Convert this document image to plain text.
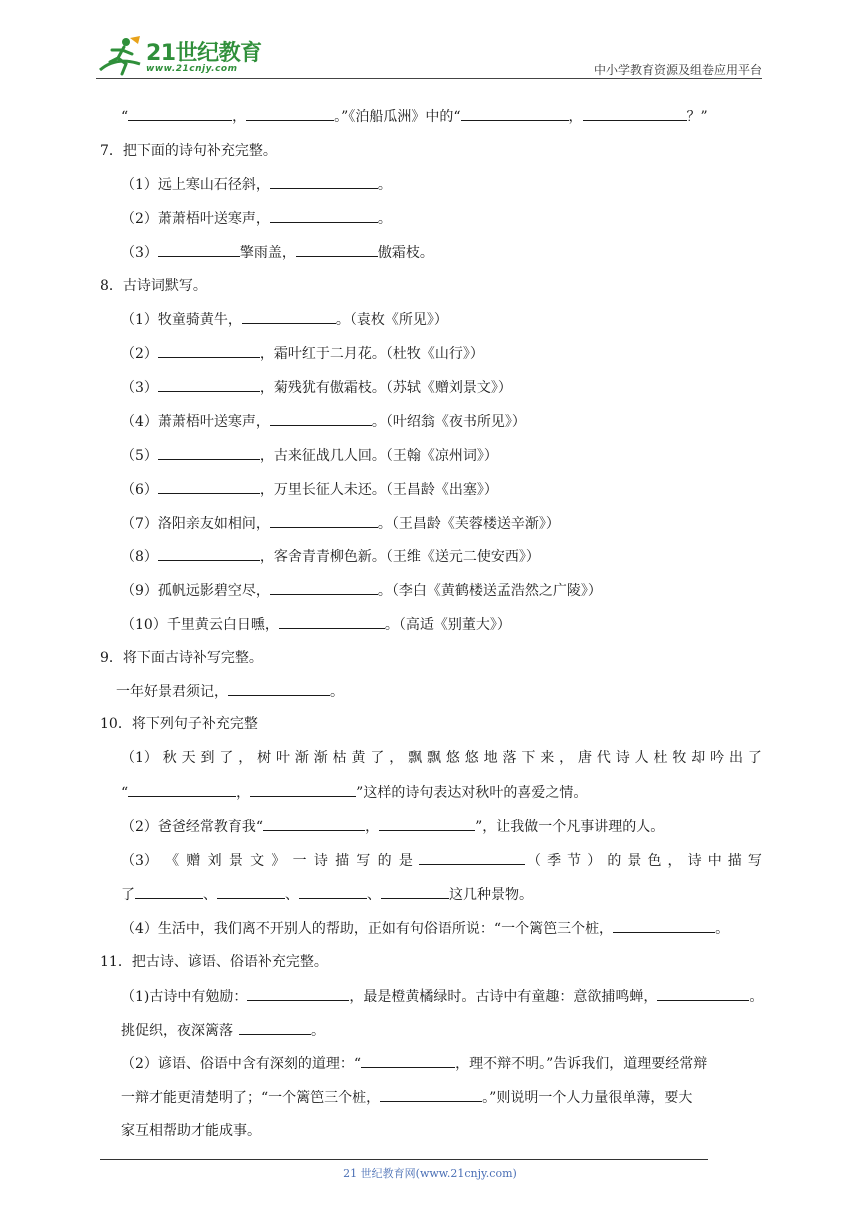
21世纪教育
www.21cnjy.com	中小学教育资源及组卷应用平台
“	，	。”《泊船瓜洲》中的“	，	？”
7．把下面的诗句补充完整。
（1）远上寒山石径斜，	。
（2）萧萧梧叶送寒声，	。
（3）	擎雨盖，	傲霜枝。
8．古诗词默写。
（1）牧童骑黄牛，	。（袁枚《所见》）
（2）	，霜叶红于二月花。（杜牧《山行》）
（3）	，菊残犹有傲霜枝。（苏轼《赠刘景文》）
（4）萧萧梧叶送寒声，	。（叶绍翁《夜书所见》）
（5）	，古来征战几人回。（王翰《凉州词》）
（6）	，万里长征人未还。（王昌龄《出塞》）
（7）洛阳亲友如相问，	。（王昌龄《芙蓉楼送辛渐》）
（8）	，客舍青青柳色新。（王维《送元二使安西》）
（9）孤帆远影碧空尽，	。（李白《黄鹤楼送孟浩然之广陵》）
（10）千里黄云白日曛，	。（高适《别董大》）
9．将下面古诗补写完整。
一年好景君须记，	。
10．将下列句子补充完整
（1） 秋 天 到 了 ， 树 叶 渐 渐 枯 黄 了 ， 飘 飘 悠 悠 地 落 下 来 ， 唐 代 诗 人 杜 牧 却 吟 出 了
“	，	”这样的诗句表达对秋叶的喜爱之情。
（2）爸爸经常教育我“	，	”，让我做一个凡事讲理的人。
（3） 《 赠 刘 景 文 》 一 诗 描 写 的 是	（ 季 节 ） 的 景 色 ， 诗 中 描 写
了	、	、	、	这几种景物。
（4）生活中，我们离不开别人的帮助，正如有句俗语所说：“一个篱笆三个桩，	。
11．把古诗、谚语、俗语补充完整。
（1)古诗中有勉励：	，最是橙黄橘绿时。古诗中有童趣：意欲捕鸣蝉，	。
挑促织，夜深篱落	。
（2）谚语、俗语中含有深刻的道理：“	，理不辩不明。”告诉我们，道理要经常辩
一辩才能更清楚明了；“一个篱笆三个桩，	。”则说明一个人力量很单薄，要大
家互相帮助才能成事。
21 世纪教育网(www.21cnjy.com)
